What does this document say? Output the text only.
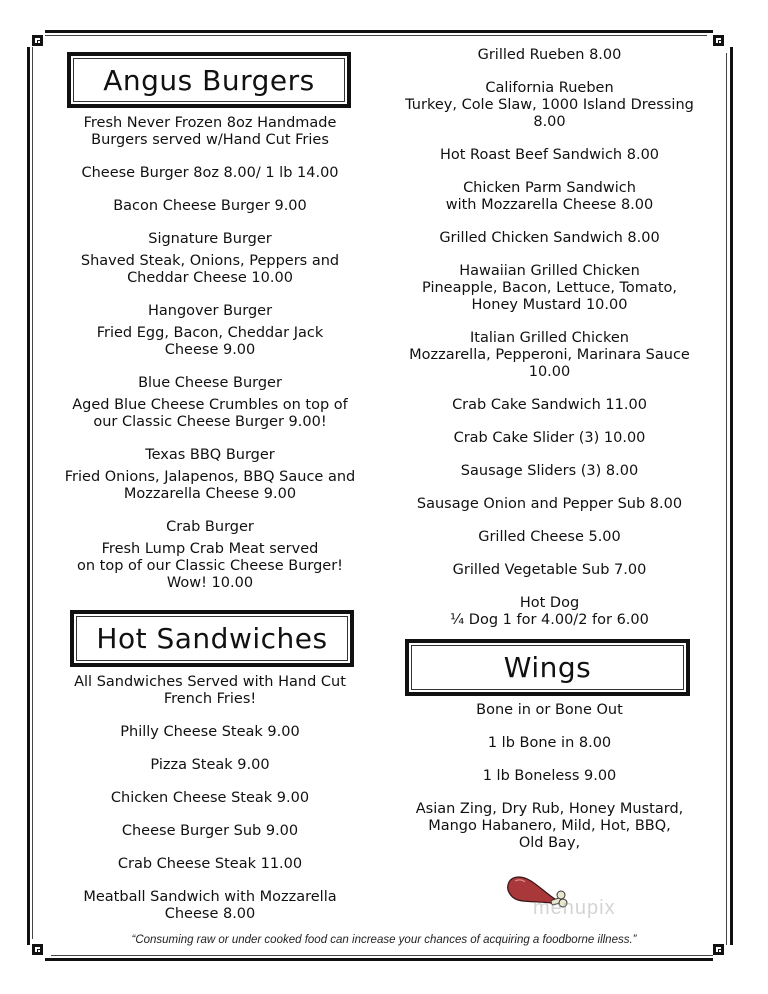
Angus Burgers
Fresh Never Frozen 8oz Handmade
Burgers served w/Hand Cut Fries
Cheese Burger 8oz 8.00/ 1 lb 14.00
Bacon Cheese Burger 9.00
Signature Burger
Shaved Steak, Onions, Peppers and
Cheddar Cheese 10.00
Hangover Burger
Fried Egg, Bacon, Cheddar Jack
Cheese 9.00
Blue Cheese Burger
Aged Blue Cheese Crumbles on top of
our Classic Cheese Burger 9.00!
Texas BBQ Burger
Fried Onions, Jalapenos, BBQ Sauce and
Mozzarella Cheese 9.00
Crab Burger
Fresh Lump Crab Meat served
on top of our Classic Cheese Burger!
Wow! 10.00
Hot Sandwiches
All Sandwiches Served with Hand Cut
French Fries!
Philly Cheese Steak 9.00
Pizza Steak 9.00
Chicken Cheese Steak 9.00
Cheese Burger Sub 9.00
Crab Cheese Steak 11.00
Meatball Sandwich with Mozzarella
Cheese 8.00
Grilled Rueben 8.00
California Rueben
Turkey, Cole Slaw, 1000 Island Dressing
8.00
Hot Roast Beef Sandwich 8.00
Chicken Parm Sandwich
with Mozzarella Cheese 8.00
Grilled Chicken Sandwich 8.00
Hawaiian Grilled Chicken
Pineapple, Bacon, Lettuce, Tomato,
Honey Mustard 10.00
Italian Grilled Chicken
Mozzarella, Pepperoni, Marinara Sauce
10.00
Crab Cake Sandwich 11.00
Crab Cake Slider (3) 10.00
Sausage Sliders (3) 8.00
Sausage Onion and Pepper Sub 8.00
Grilled Cheese 5.00
Grilled Vegetable Sub 7.00
Hot Dog
¼ Dog 1 for 4.00/2 for 6.00
Wings
Bone in or Bone Out
1 lb Bone in 8.00
1 lb Boneless 9.00
Asian Zing, Dry Rub, Honey Mustard,
Mango Habanero, Mild, Hot, BBQ,
Old Bay,
menupix
“Consuming raw or under cooked food can increase your chances of acquiring a foodborne illness.”
